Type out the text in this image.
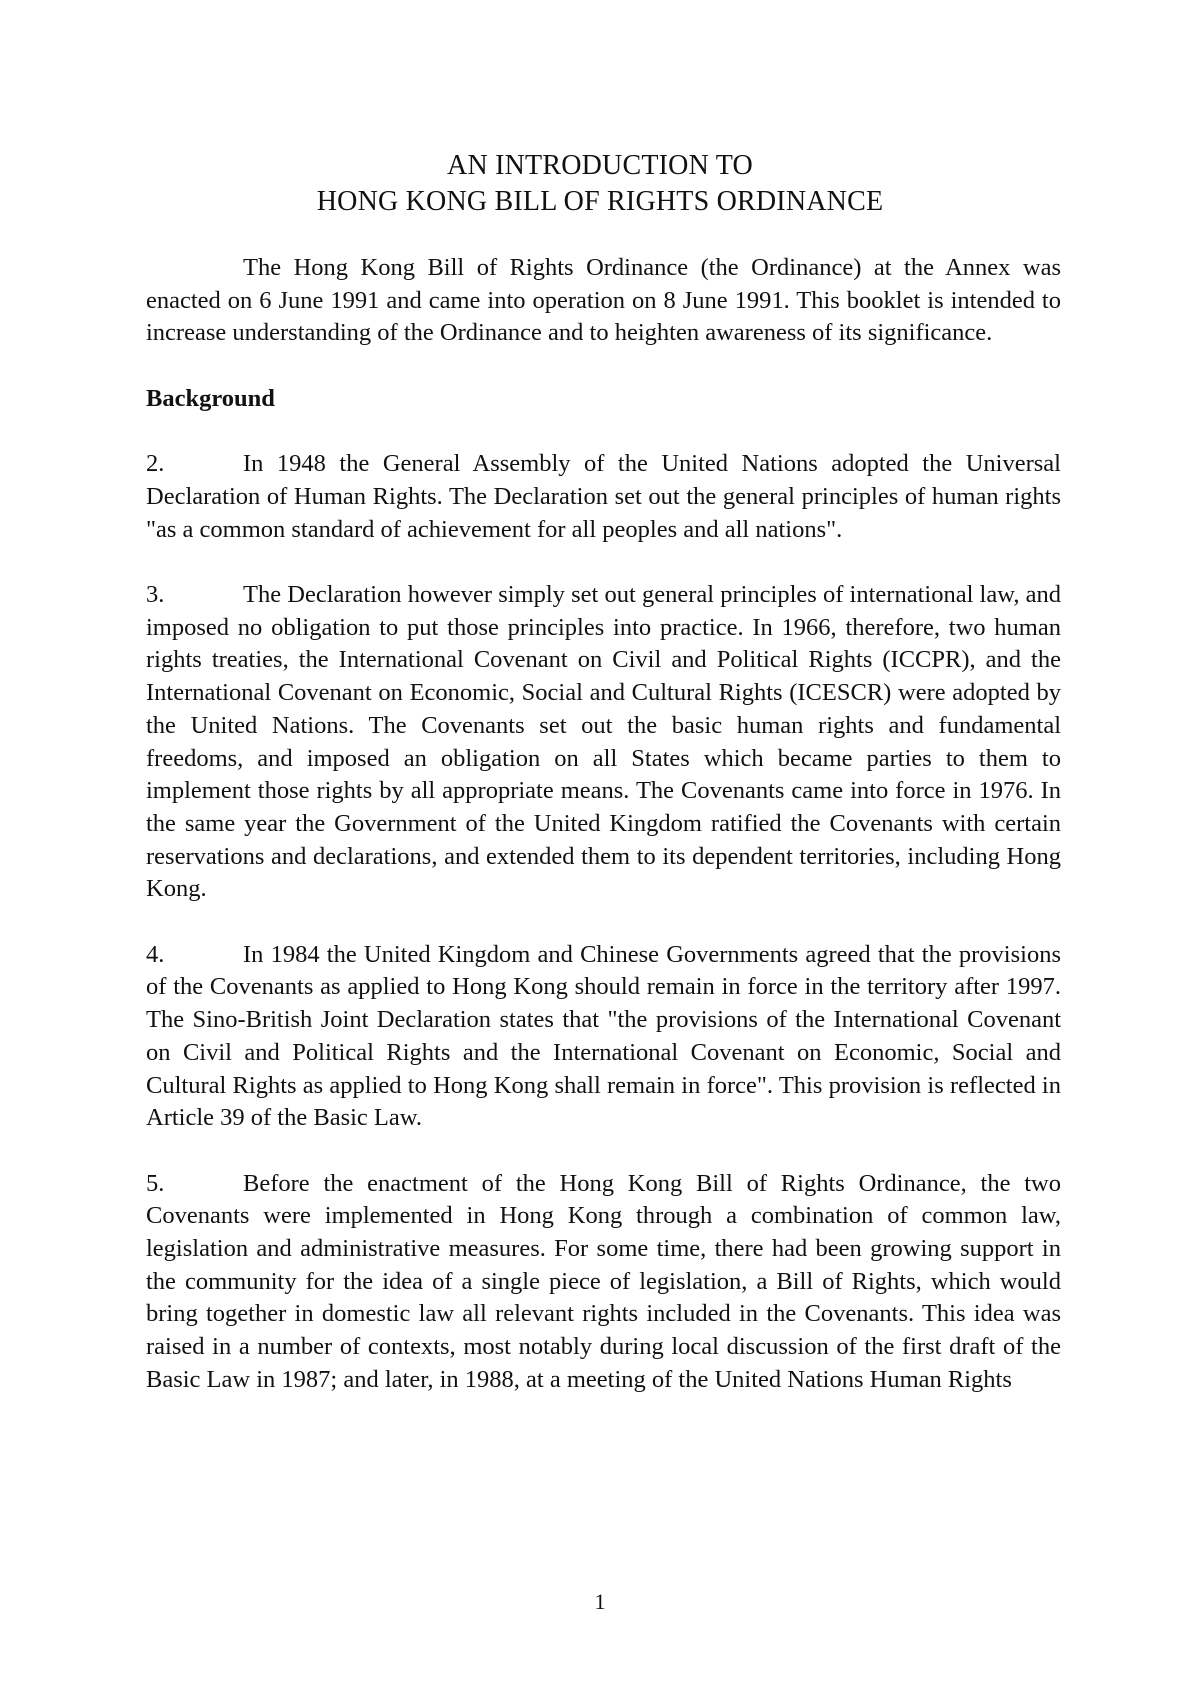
AN INTRODUCTION TO
HONG KONG BILL OF RIGHTS ORDINANCE

The Hong Kong Bill of Rights Ordinance (the Ordinance) at the Annex was enacted on 6 June 1991 and came into operation on 8 June 1991. This booklet is intended to increase understanding of the Ordinance and to heighten awareness of its significance.

Background

2.	In 1948 the General Assembly of the United Nations adopted the Universal Declaration of Human Rights. The Declaration set out the general principles of human rights "as a common standard of achievement for all peoples and all nations".

3.	The Declaration however simply set out general principles of international law, and imposed no obligation to put those principles into practice. In 1966, therefore, two human rights treaties, the International Covenant on Civil and Political Rights (ICCPR), and the International Covenant on Economic, Social and Cultural Rights (ICESCR) were adopted by the United Nations. The Covenants set out the basic human rights and fundamental freedoms, and imposed an obligation on all States which became parties to them to implement those rights by all appropriate means. The Covenants came into force in 1976. In the same year the Government of the United Kingdom ratified the Covenants with certain reservations and declarations, and extended them to its dependent territories, including Hong Kong.

4.	In 1984 the United Kingdom and Chinese Governments agreed that the provisions of the Covenants as applied to Hong Kong should remain in force in the territory after 1997. The Sino-British Joint Declaration states that "the provisions of the International Covenant on Civil and Political Rights and the International Covenant on Economic, Social and Cultural Rights as applied to Hong Kong shall remain in force". This provision is reflected in Article 39 of the Basic Law.

5.	Before the enactment of the Hong Kong Bill of Rights Ordinance, the two Covenants were implemented in Hong Kong through a combination of common law, legislation and administrative measures. For some time, there had been growing support in the community for the idea of a single piece of legislation, a Bill of Rights, which would bring together in domestic law all relevant rights included in the Covenants. This idea was raised in a number of contexts, most notably during local discussion of the first draft of the Basic Law in 1987; and later, in 1988, at a meeting of the United Nations Human Rights

1
